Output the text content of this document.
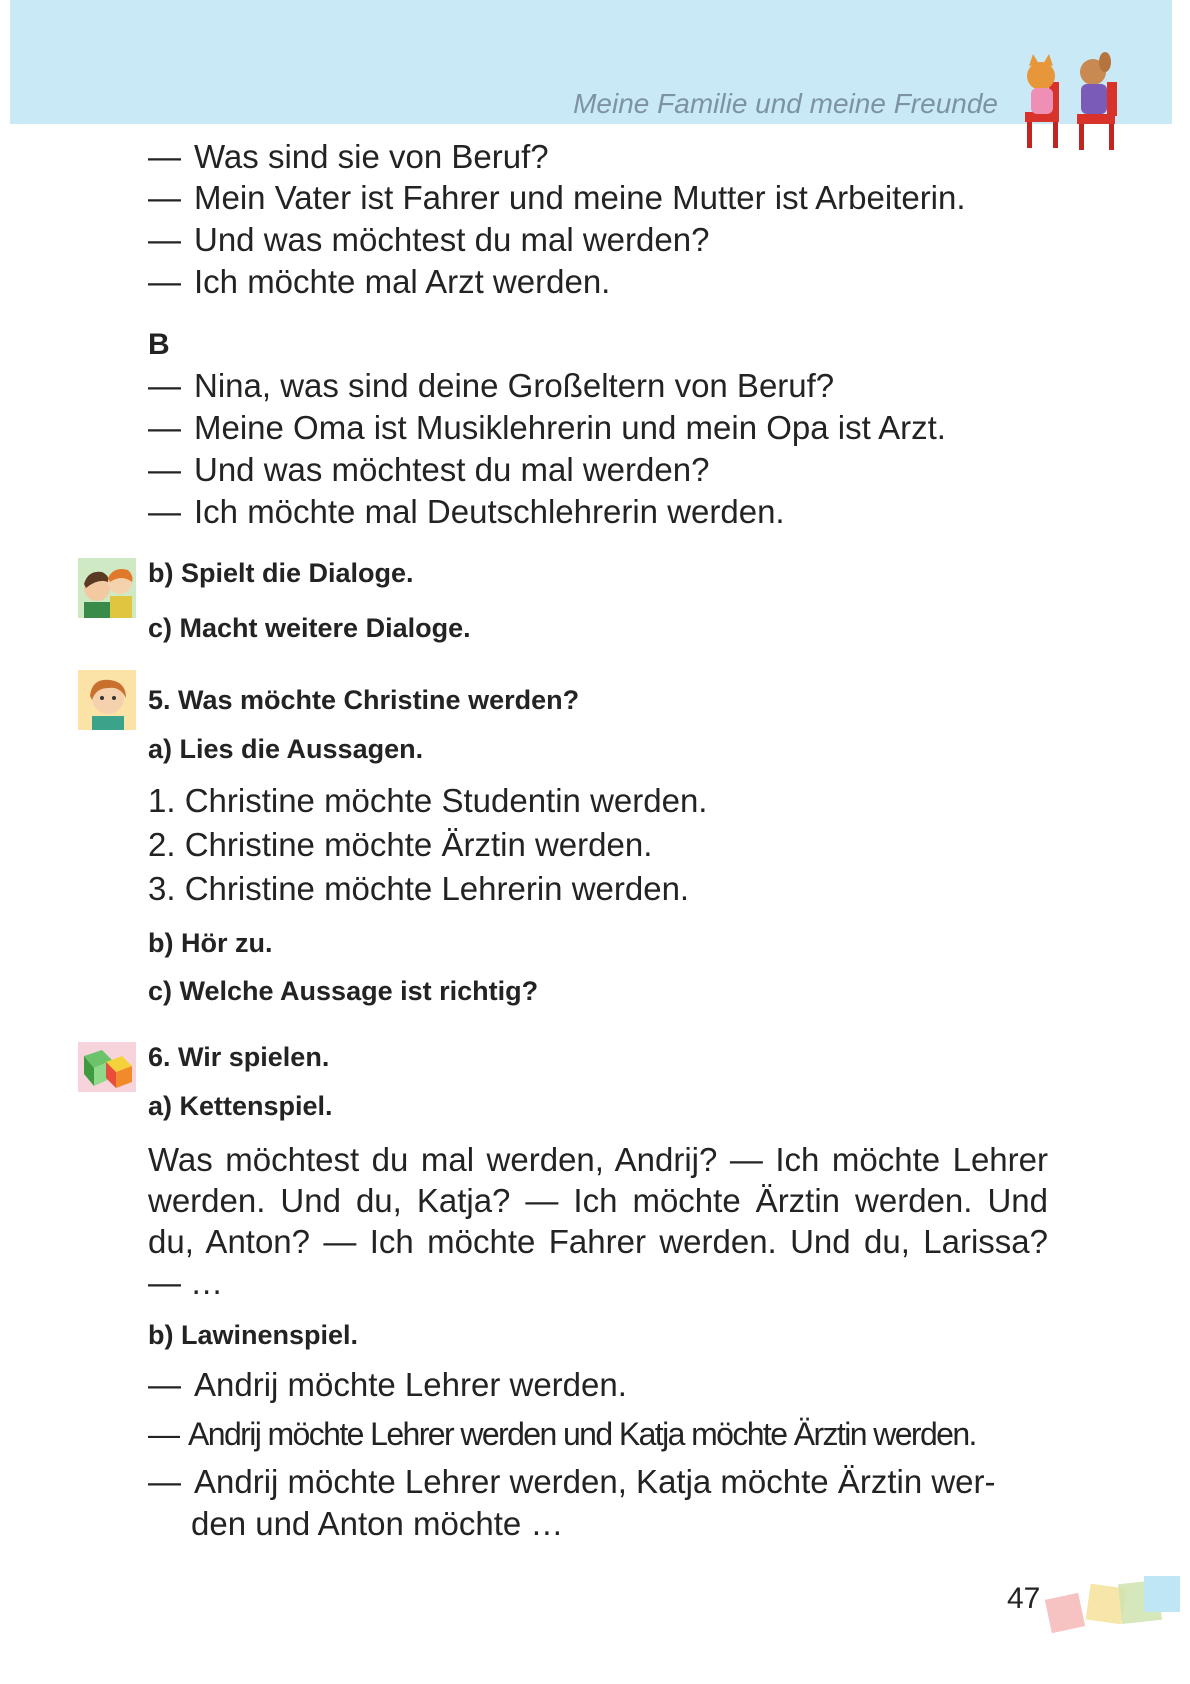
Meine Familie und meine Freunde
— Was sind sie von Beruf?
— Mein Vater ist Fahrer und meine Mutter ist Arbeiterin.
— Und was möchtest du mal werden?
— Ich möchte mal Arzt werden.
B
— Nina, was sind deine Großeltern von Beruf?
— Meine Oma ist Musiklehrerin und mein Opa ist Arzt.
— Und was möchtest du mal werden?
— Ich möchte mal Deutschlehrerin werden.
b) Spielt die Dialoge.
c) Macht weitere Dialoge.
5. Was möchte Christine werden?
a) Lies die Aussagen.
1. Christine möchte Studentin werden.
2. Christine möchte Ärztin werden.
3. Christine möchte Lehrerin werden.
b) Hör zu.
c) Welche Aussage ist richtig?
6. Wir spielen.
a) Kettenspiel.
Was möchtest du mal werden, Andrij? — Ich möchte Lehrer werden. Und du, Katja? — Ich möchte Ärztin werden. Und du, Anton? — Ich möchte Fahrer werden. Und du, Larissa? — …
b) Lawinenspiel.
— Andrij möchte Lehrer werden.
— Andrij möchte Lehrer werden und Katja möchte Ärztin werden.
— Andrij möchte Lehrer werden, Katja möchte Ärztin wer-
den und Anton möchte …
47
